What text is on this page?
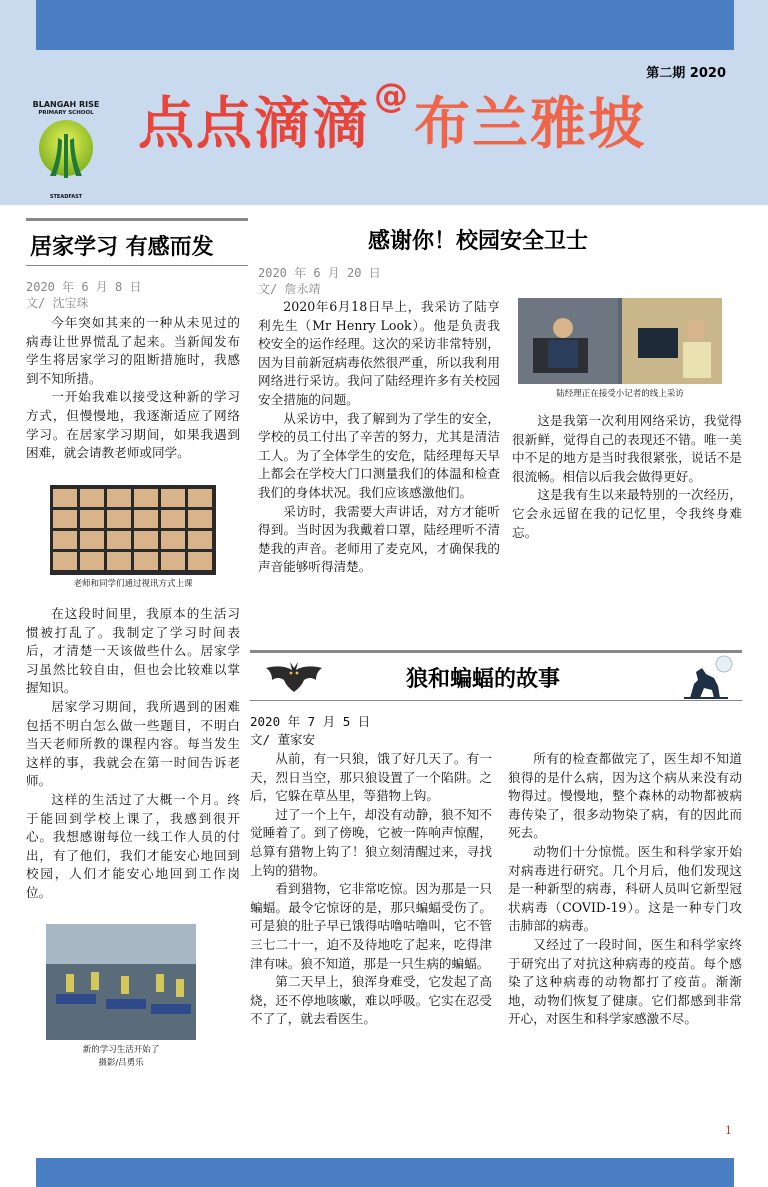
第二期 2020
BLANGAH RISE
PRIMARY SCHOOL
STEADFAST
点点滴滴 @布兰雅坡
居家学习 有感而发
2020 年 6 月 8 日
文/ 沈宝珠

今年突如其来的一种从未见过的病毒让世界慌乱了起来。当新闻发布学生将居家学习的阻断措施时，我感到不知所措。

一开始我难以接受这种新的学习方式，但慢慢地，我逐渐适应了网络学习。在居家学习期间，如果我遇到困难，就会请教老师或同学。

老师和同学们通过视讯方式上课

在这段时间里，我原本的生活习惯被打乱了。我制定了学习时间表后，才清楚一天该做些什么。居家学习虽然比较自由，但也会比较难以掌握知识。

居家学习期间，我所遇到的困难包括不明白怎么做一些题目，不明白当天老师所教的课程内容。每当发生这样的事，我就会在第一时间告诉老师。

这样的生活过了大概一个月。终于能回到学校上课了，我感到很开心。我想感谢每位一线工作人员的付出，有了他们，我们才能安心地回到校园，人们才能安心地回到工作岗位。

新的学习生活开始了
摄影/吕勇乐
感谢你！校园安全卫士
2020 年 6 月 20 日
文/ 詹永靖

2020年6月18日早上，我采访了陆亨利先生（Mr Henry Look）。他是负责我校安全的运作经理。这次的采访非常特别，因为目前新冠病毒依然很严重，所以我利用网络进行采访。我问了陆经理许多有关校园安全措施的问题。

从采访中，我了解到为了学生的安全，学校的员工付出了辛苦的努力，尤其是清洁工人。为了全体学生的安危，陆经理每天早上都会在学校大门口测量我们的体温和检查我们的身体状况。我们应该感激他们。

采访时，我需要大声讲话，对方才能听得到。当时因为我戴着口罩，陆经理听不清楚我的声音。老师用了麦克风，才确保我的声音能够听得清楚。

陆经理正在接受小记者的线上采访

这是我第一次利用网络采访，我觉得很新鲜，觉得自己的表现还不错。唯一美中不足的地方是当时我很紧张，说话不是很流畅。相信以后我会做得更好。

这是我有生以来最特别的一次经历，它会永远留在我的记忆里，令我终身难忘。

狼和蝙蝠的故事
2020 年 7 月 5 日
文/ 董家安

从前，有一只狼，饿了好几天了。有一天，烈日当空，那只狼设置了一个陷阱。之后，它躲在草丛里，等猎物上钩。

过了一个上午，却没有动静，狼不知不觉睡着了。到了傍晚，它被一阵响声惊醒，总算有猎物上钩了！狼立刻清醒过来，寻找上钩的猎物。

看到猎物，它非常吃惊。因为那是一只蝙蝠。最令它惊讶的是，那只蝙蝠受伤了。可是狼的肚子早已饿得咕噜咕噜叫，它不管三七二十一，迫不及待地吃了起来，吃得津津有味。狼不知道，那是一只生病的蝙蝠。

第二天早上，狼浑身难受，它发起了高烧，还不停地咳嗽，难以呼吸。它实在忍受不了了，就去看医生。

所有的检查都做完了，医生却不知道狼得的是什么病，因为这个病从来没有动物得过。慢慢地，整个森林的动物都被病毒传染了，很多动物染了病，有的因此而死去。

动物们十分惊慌。医生和科学家开始对病毒进行研究。几个月后，他们发现这是一种新型的病毒，科研人员叫它新型冠状病毒（COVID-19）。这是一种专门攻击肺部的病毒。

又经过了一段时间，医生和科学家终于研究出了对抗这种病毒的疫苗。每个感染了这种病毒的动物都打了疫苗。渐渐地，动物们恢复了健康。它们都感到非常开心，对医生和科学家感激不尽。

1
